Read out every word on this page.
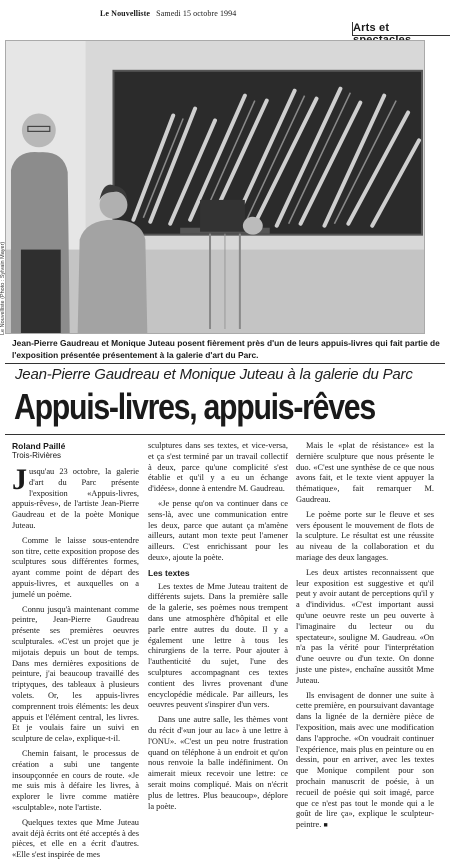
Le Nouvelliste Samedi 15 octobre 1994
Arts et
Le Nouvelliste (Photo : Sylvain Mayer)
Jean-Pierre Gaudreau et Monique Juteau posent fièrement près d'un de leurs appuis-livres qui fait partie de l'exposition présentée présentement à la galerie d'art du Parc.
Jean-Pierre Gaudreau et Monique Juteau à la galerie du Parc
Appuis-livres, appuis-rêves
Roland Paillé
Trois-Rivières

Jusqu'au 23 octobre, la galerie d'art du Parc présente l'exposition «Appuis-livres, appuis-rêves», de l'artiste Jean-Pierre Gaudreau et de la poète Monique Juteau.

Comme le laisse sous-entendre son titre, cette exposition propose des sculptures sous différentes formes, ayant comme point de départ des appuis-livres, et auxquelles on a jumelé un poème.

Connu jusqu'à maintenant comme peintre, Jean-Pierre Gaudreau présente ses premières oeuvres sculpturales. «C'est un projet que je mijotais depuis un bout de temps. Dans mes dernières expositions de peinture, j'ai beaucoup travaillé des triptyques, des tableaux à plusieurs volets. Or, les appuis-livres comprennent trois éléments: les deux appuis et l'élément central, les livres. Et je voulais faire un suivi en sculpture de cela», explique-t-il.

Chemin faisant, le processus de création a subi une tangente insoupçonnée en cours de route. «Je me suis mis à défaire les livres, à explorer le livre comme matière «sculptable», note l'artiste.

Quelques textes que Mme Juteau avait déjà écrits ont été acceptés à des pièces, et elle en a écrit d'autres. «Elle s'est inspirée de mes

sculptures dans ses textes, et vice-versa, et ça s'est terminé par un travail collectif à deux, parce qu'une complicité s'est établie et qu'il y a eu un échange d'idées», donne à entendre M. Gaudreau.

«Je pense qu'on va continuer dans ce sens-là, avec une communication entre les deux, parce que autant ça m'amène ailleurs, autant mon texte peut l'amener ailleurs. C'est enrichissant pour les deux», ajoute la poète.

Les textes

Les textes de Mme Juteau traitent de différents sujets. Dans la première salle de la galerie, ses poèmes nous trempent dans une atmosphère d'hôpital et elle parle entre autres du doute. Il y a également une lettre à tous les chirurgiens de la terre. Pour ajouter à l'authenticité du sujet, l'une des sculptures accompagnant ces textes contient des livres provenant d'une encyclopédie médicale. Par ailleurs, les oeuvres peuvent s'inspirer d'un vers.

Dans une autre salle, les thèmes vont du récit d'«un jour au lac» à une lettre à l'ONU». «C'est un peu notre frustration quand on téléphone à un endroit et qu'on nous renvoie la balle indéfiniment. On aimerait mieux recevoir une lettre: ce serait moins compliqué. Mais on n'écrit plus de lettres. Plus beaucoup», déplore la poète.

Mais le «plat de résistance» est la dernière sculpture que nous présente le duo. «C'est une synthèse de ce que nous avons fait, et le texte vient appuyer la thématique», fait remarquer M. Gaudreau.

Le poème porte sur le fleuve et ses vers épousent le mouvement de flots de la sculpture. Le résultat est une réussite au niveau de la collaboration et du mariage des deux langages.

Les deux artistes reconnaissent que leur exposition est suggestive et qu'il peut y avoir autant de perceptions qu'il y a d'individus. «C'est important aussi qu'une oeuvre reste un peu ouverte à l'imaginaire du lecteur ou du spectateur», souligne M. Gaudreau. «On n'a pas la vérité pour l'interprétation d'une oeuvre ou d'un texte. On donne juste une piste», enchaîne aussitôt Mme Juteau.

Ils envisagent de donner une suite à cette première, en poursuivant davantage dans la lignée de la dernière pièce de l'exposition, mais avec une modification dans l'approche. «On voudrait continuer l'expérience, mais plus en peinture ou en dessin, pour en arriver, avec les textes que Monique compilent pour son prochain manuscrit de poésie, à un recueil de poésie qui soit imagé, parce que ce n'est pas tout le monde qui a le goût de lire ça», explique le sculpteur-peintre. ■
